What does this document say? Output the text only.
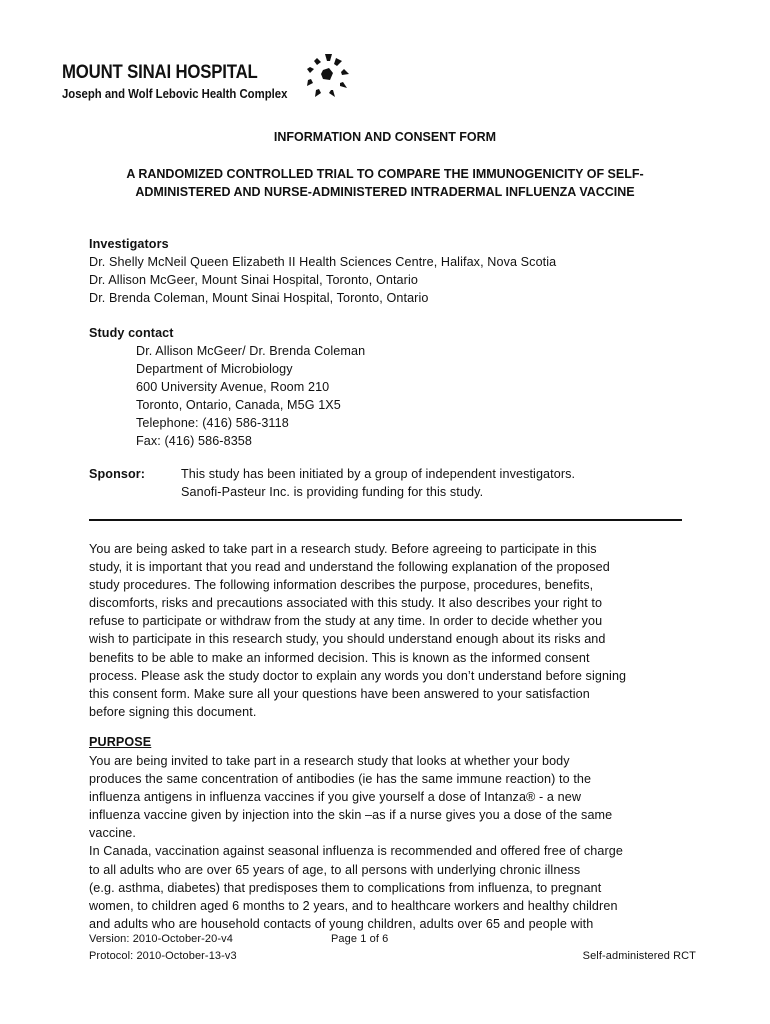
MOUNT SINAI HOSPITAL
Joseph and Wolf Lebovic Health Complex
INFORMATION AND CONSENT FORM
A RANDOMIZED CONTROLLED TRIAL TO COMPARE THE IMMUNOGENICITY OF SELF-
ADMINISTERED AND NURSE-ADMINISTERED INTRADERMAL INFLUENZA VACCINE
Investigators
Dr. Shelly McNeil Queen Elizabeth II Health Sciences Centre, Halifax, Nova Scotia
Dr. Allison McGeer, Mount Sinai Hospital, Toronto, Ontario
Dr. Brenda Coleman, Mount Sinai Hospital, Toronto, Ontario
Study contact
Dr. Allison McGeer/ Dr. Brenda Coleman
Department of Microbiology
600 University Avenue, Room 210
Toronto, Ontario, Canada, M5G 1X5
Telephone: (416) 586-3118
Fax: (416) 586-8358
Sponsor:	This study has been initiated by a group of independent investigators.
Sanofi-Pasteur Inc. is providing funding for this study.
You are being asked to take part in a research study. Before agreeing to participate in this
study, it is important that you read and understand the following explanation of the proposed
study procedures. The following information describes the purpose, procedures, benefits,
discomforts, risks and precautions associated with this study. It also describes your right to
refuse to participate or withdraw from the study at any time. In order to decide whether you
wish to participate in this research study, you should understand enough about its risks and
benefits to be able to make an informed decision. This is known as the informed consent
process. Please ask the study doctor to explain any words you don’t understand before signing
this consent form. Make sure all your questions have been answered to your satisfaction
before signing this document.
PURPOSE
You are being invited to take part in a research study that looks at whether your body
produces the same concentration of antibodies (ie has the same immune reaction) to the
influenza antigens in influenza vaccines if you give yourself a dose of Intanza® - a new
influenza vaccine given by injection into the skin –as if a nurse gives you a dose of the same
vaccine.
In Canada, vaccination against seasonal influenza is recommended and offered free of charge
to all adults who are over 65 years of age, to all persons with underlying chronic illness
(e.g. asthma, diabetes) that predisposes them to complications from influenza, to pregnant
women, to children aged 6 months to 2 years, and to healthcare workers and healthy children
and adults who are household contacts of young children, adults over 65 and people with
Version: 2010-October-20-v4	Page 1 of 6
Protocol: 2010-October-13-v3	Self-administered RCT
